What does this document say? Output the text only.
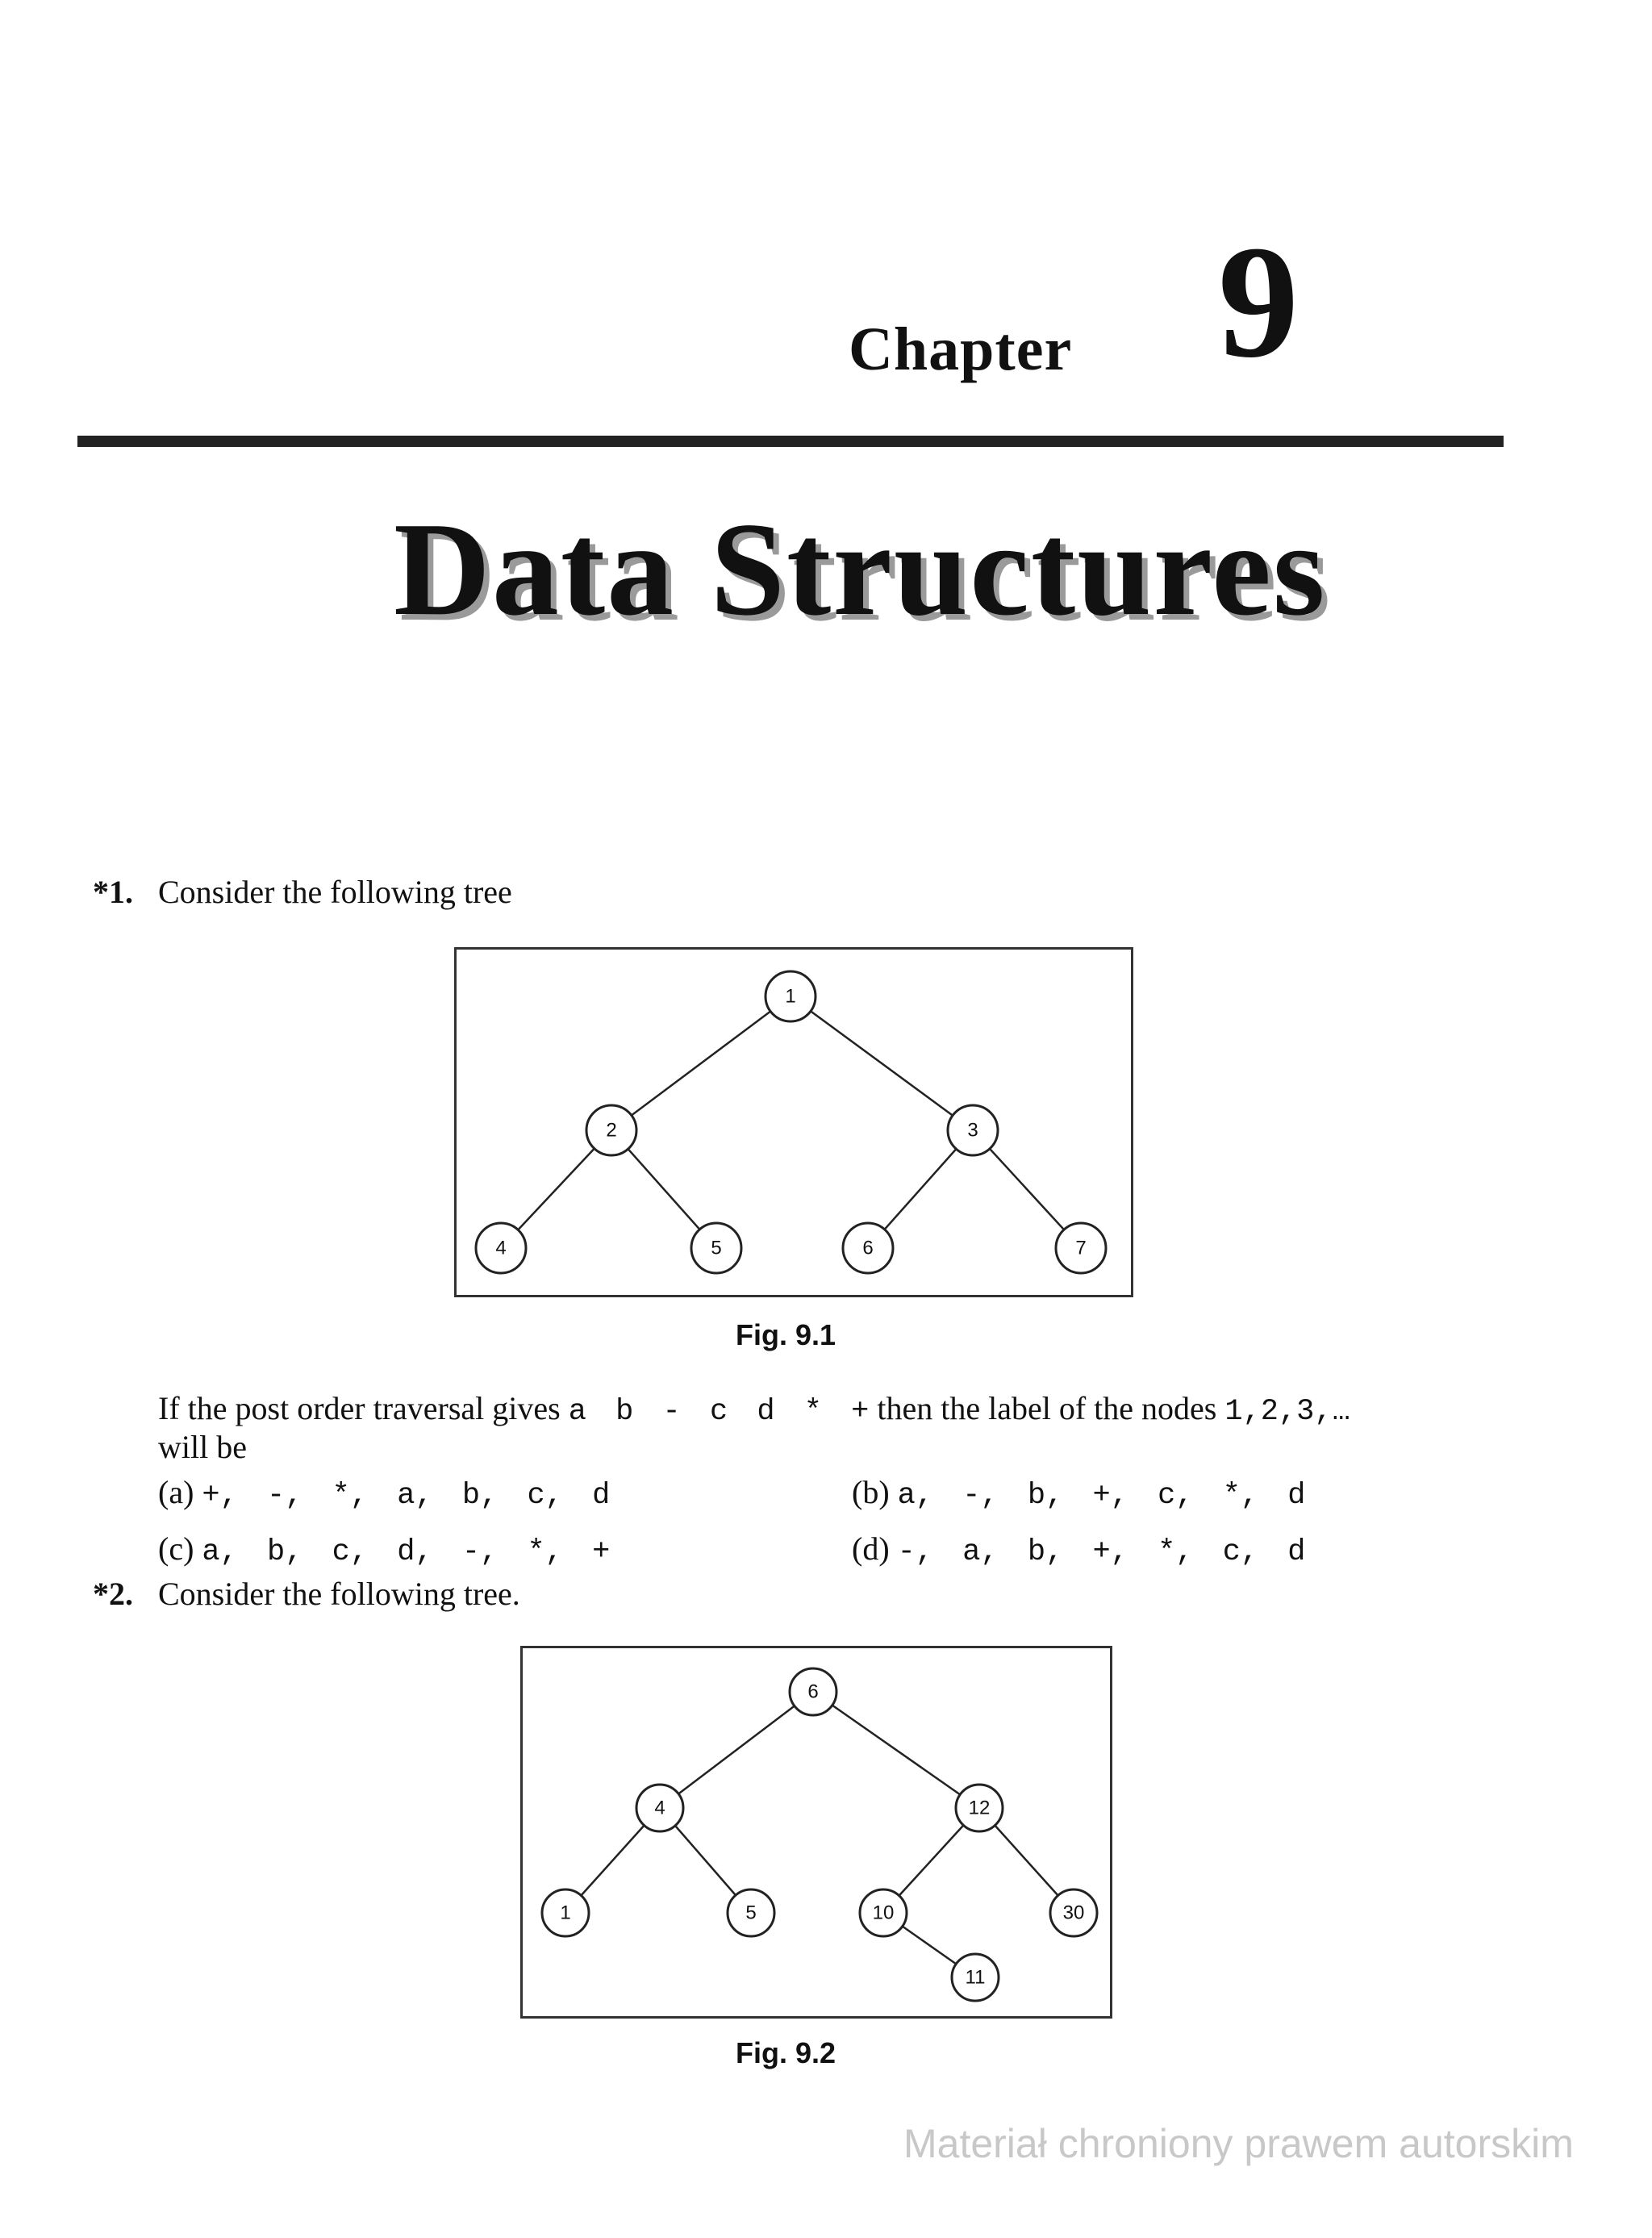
Chapter 9
Data Structures
*1. Consider the following tree
1
2	3
4	5	6	7
Fig. 9.1
If the post order traversal gives a b - c d * + then the label of the nodes 1,2,3,…
will be
(a) +, -, *, a, b, c, d	(b) a, -, b, +, c, *, d
(c) a, b, c, d, -, *, +	(d) -, a, b, +, *, c, d
*2. Consider the following tree.
6
4	12
1	5	10	30
11
Fig. 9.2
Materiał chroniony prawem autorskim
